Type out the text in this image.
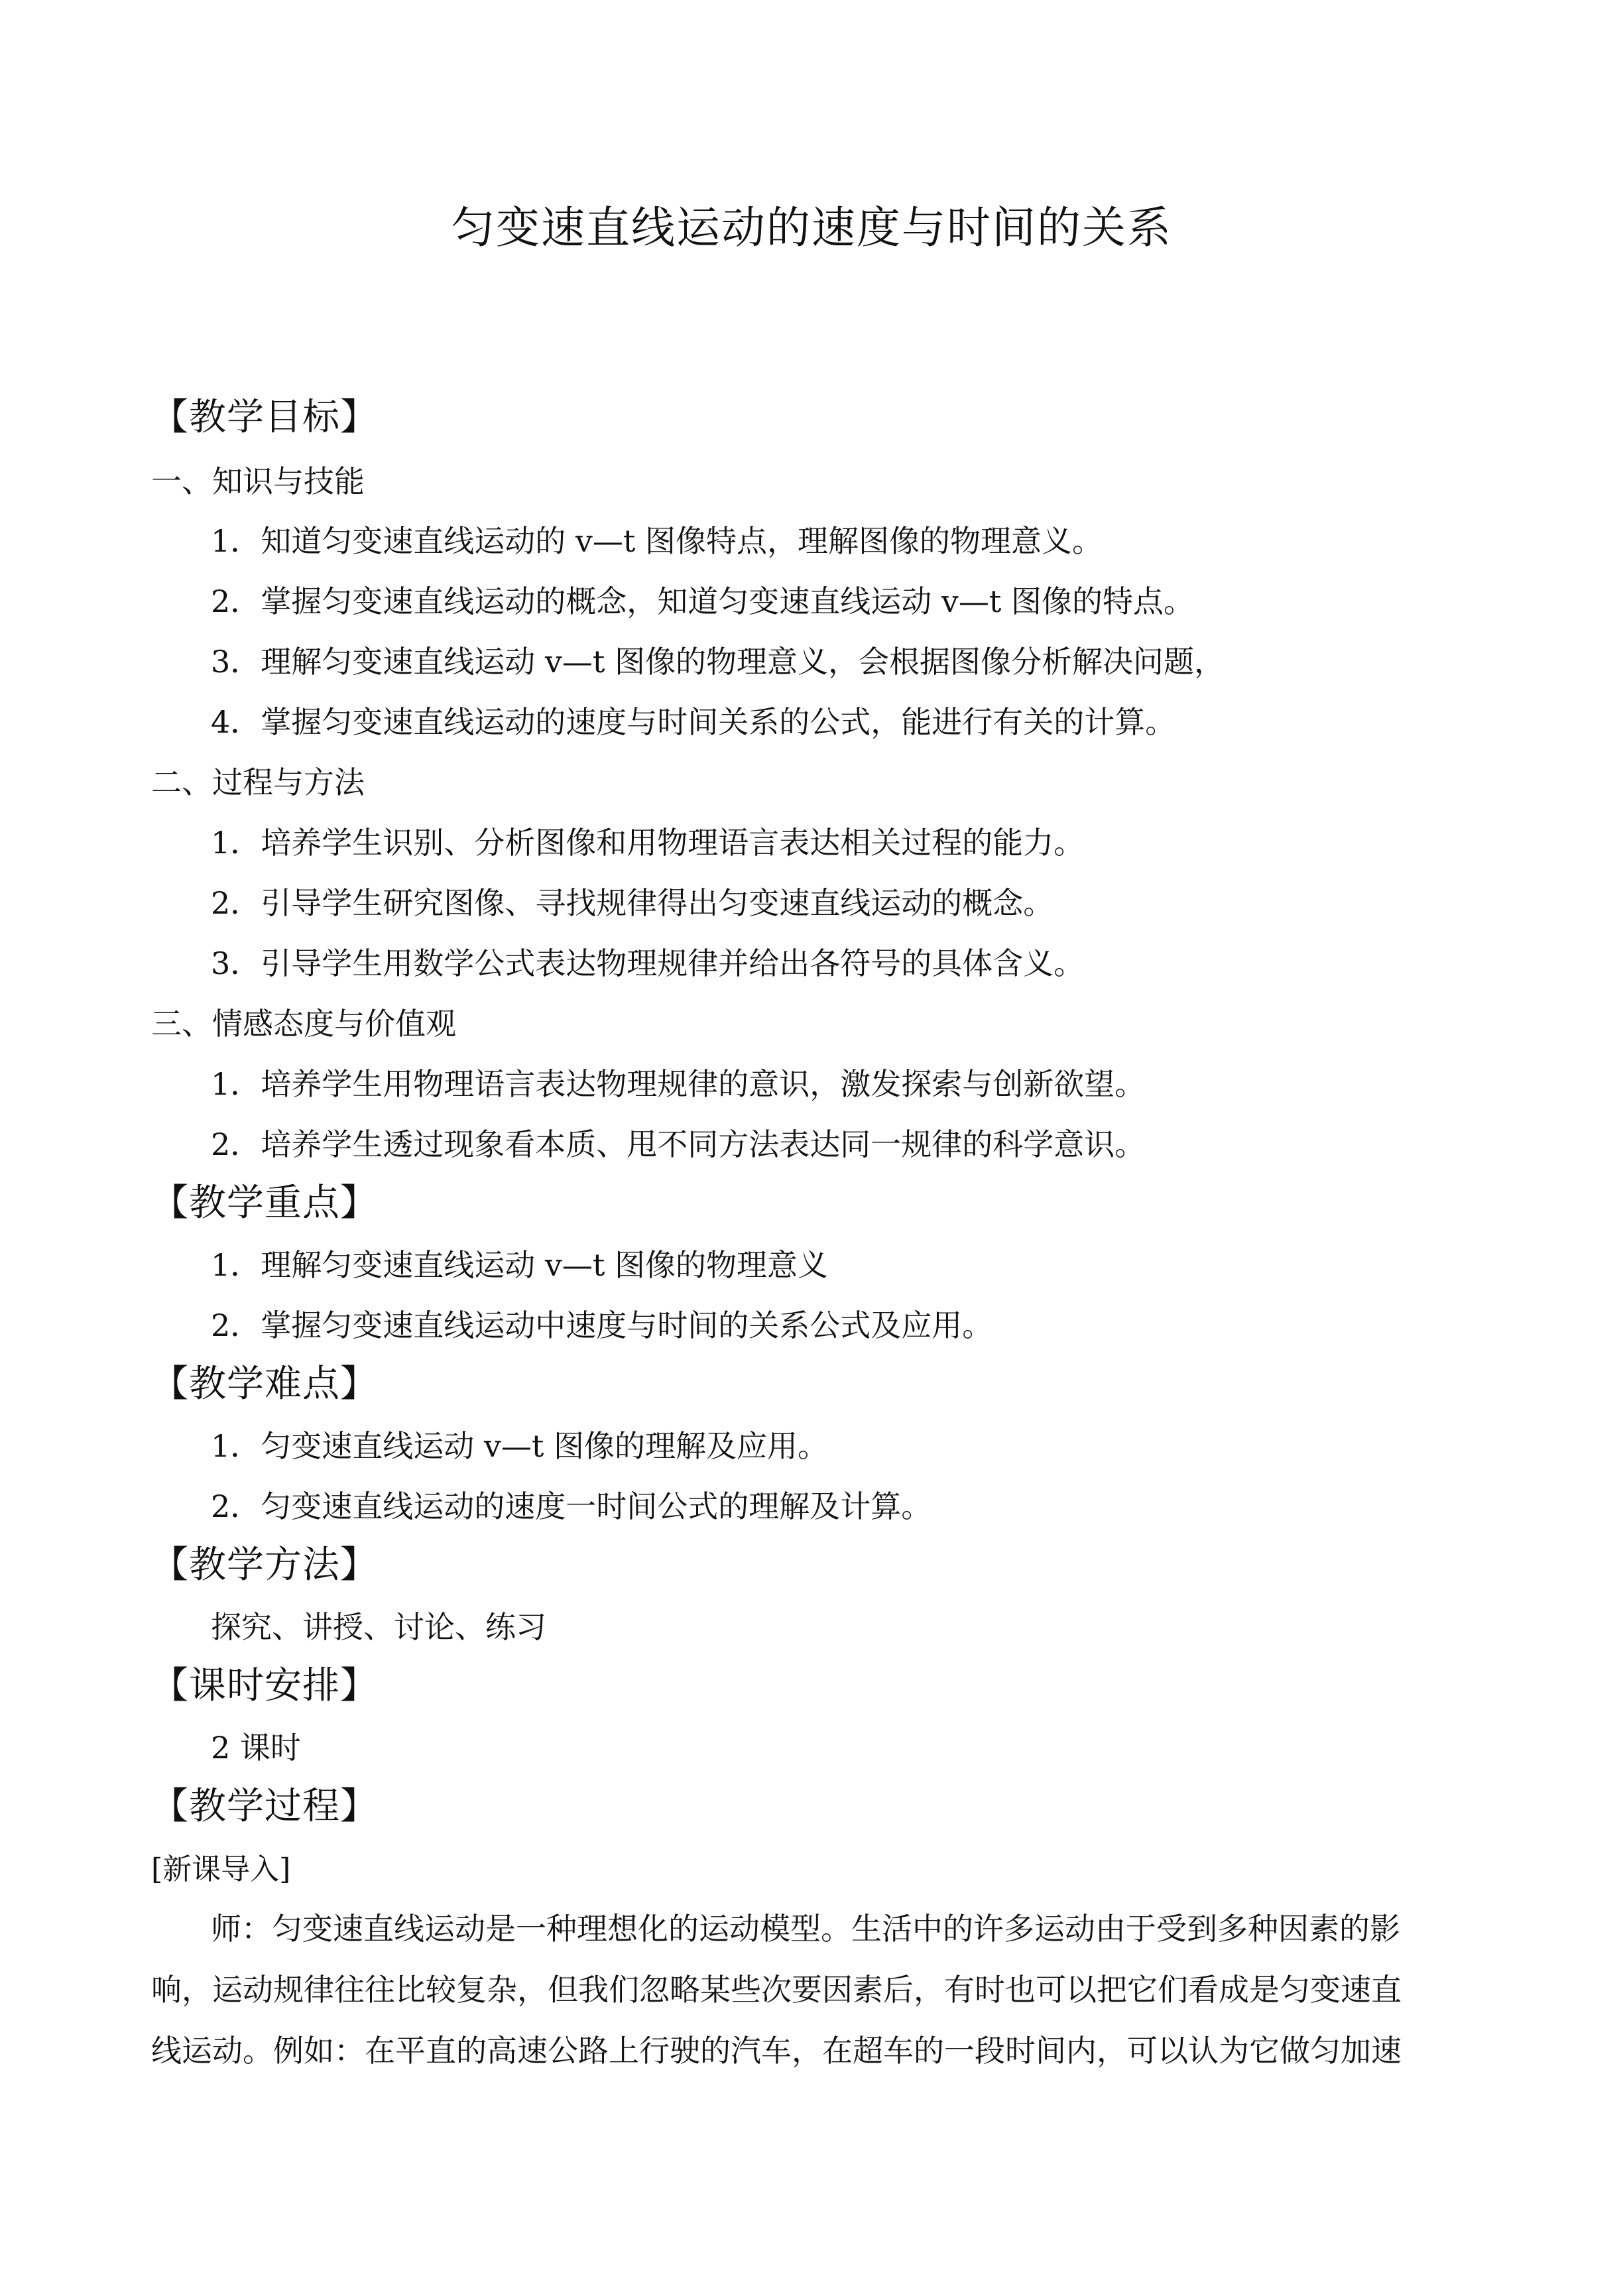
匀变速直线运动的速度与时间的关系
【教学目标】
一、知识与技能
1．知道匀变速直线运动的 v—t 图像特点，理解图像的物理意义。
2．掌握匀变速直线运动的概念，知道匀变速直线运动 v—t 图像的特点。
3．理解匀变速直线运动 v—t 图像的物理意义，会根据图像分析解决问题，
4．掌握匀变速直线运动的速度与时间关系的公式，能进行有关的计算。
二、过程与方法
1．培养学生识别、分析图像和用物理语言表达相关过程的能力。
2．引导学生研究图像、寻找规律得出匀变速直线运动的概念。
3．引导学生用数学公式表达物理规律并给出各符号的具体含义。
三、情感态度与价值观
1．培养学生用物理语言表达物理规律的意识，激发探索与创新欲望。
2．培养学生透过现象看本质、甩不同方法表达同一规律的科学意识。
【教学重点】
1．理解匀变速直线运动 v—t 图像的物理意义
2．掌握匀变速直线运动中速度与时间的关系公式及应用。
【教学难点】
1．匀变速直线运动 v—t 图像的理解及应用。
2．匀变速直线运动的速度一时间公式的理解及计算。
【教学方法】
探究、讲授、讨论、练习
【课时安排】
2 课时
【教学过程】
[新课导入]
师：匀变速直线运动是一种理想化的运动模型。生活中的许多运动由于受到多种因素的影
响，运动规律往往比较复杂，但我们忽略某些次要因素后，有时也可以把它们看成是匀变速直
线运动。例如：在平直的高速公路上行驶的汽车，在超车的一段时间内，可以认为它做匀加速
